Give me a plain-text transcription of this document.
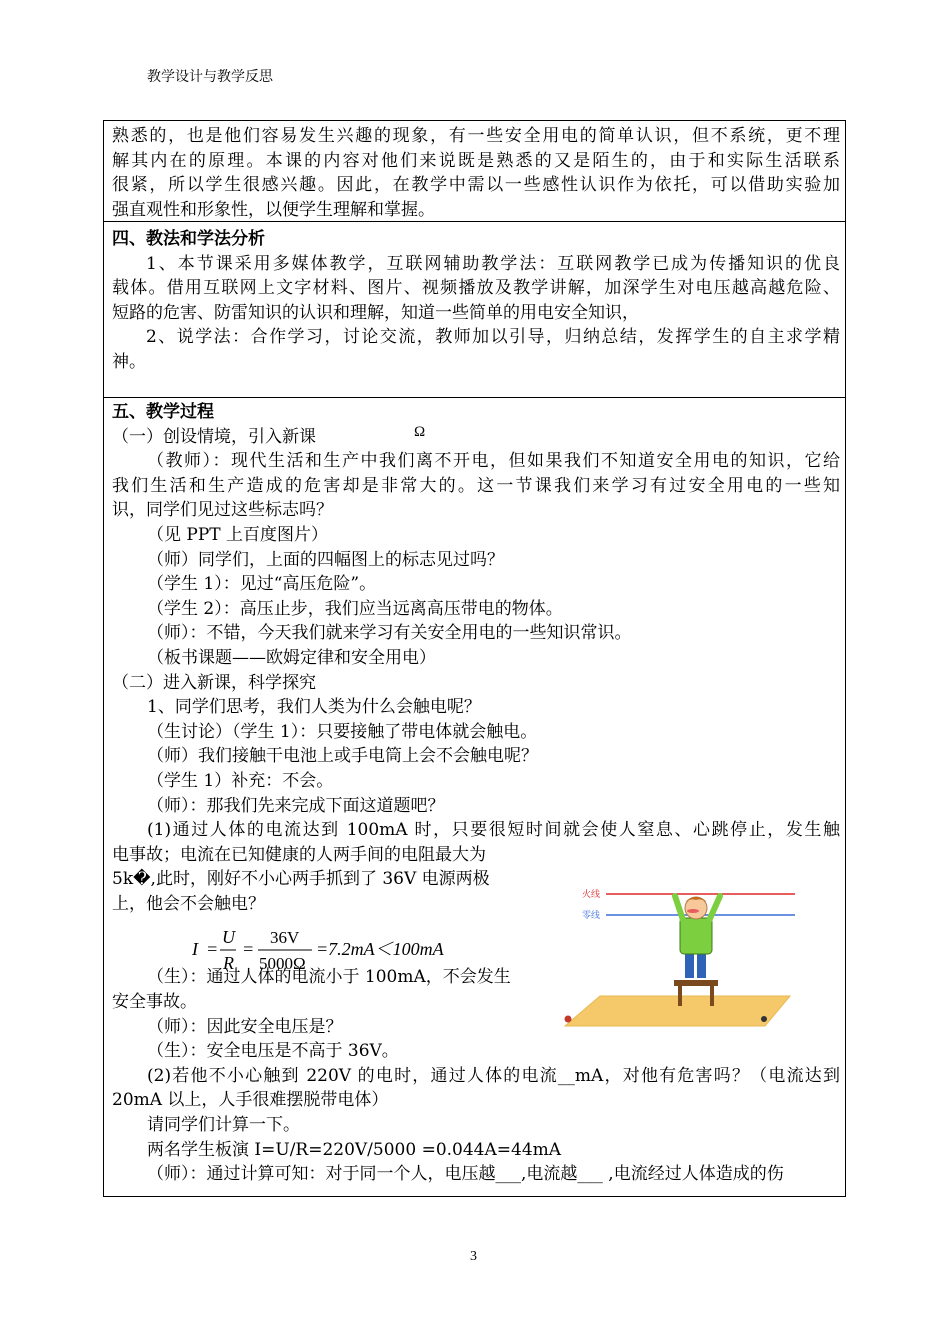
教学设计与教学反思
熟悉的，也是他们容易发生兴趣的现象，有一些安全用电的简单认识，但不系统，更不理
解其内在的原理。本课的内容对他们来说既是熟悉的又是陌生的，由于和实际生活联系
很紧，所以学生很感兴趣。因此，在教学中需以一些感性认识作为依托，可以借助实验加
强直观性和形象性，以便学生理解和掌握。
四、教法和学法分析
1、本节课采用多媒体教学，互联网辅助教学法：互联网教学已成为传播知识的优良
载体。借用互联网上文字材料、图片、视频播放及教学讲解，加深学生对电压越高越危险、
短路的危害、防雷知识的认识和理解，知道一些简单的用电安全知识，
2、说学法：合作学习，讨论交流，教师加以引导，归纳总结，发挥学生的自主求学精
神。
五、教学过程
（一）创设情境，引入新课
（教师）：现代生活和生产中我们离不开电，但如果我们不知道安全用电的知识，它给
我们生活和生产造成的危害却是非常大的。这一节课我们来学习有过安全用电的一些知
识，同学们见过这些标志吗？
（见 PPT 上百度图片）
（师）同学们，上面的四幅图上的标志见过吗？
（学生 1）：见过“高压危险”。
（学生 2）：高压止步，我们应当远离高压带电的物体。
（师）：不错，今天我们就来学习有关安全用电的一些知识常识。
（板书课题——欧姆定律和安全用电）
（二）进入新课，科学探究
1、同学们思考，我们人类为什么会触电呢？
（生讨论）（学生 1）：只要接触了带电体就会触电。
（师）我们接触干电池上或手电筒上会不会触电呢？
（学生 1）补充：不会。
（师）：那我们先来完成下面这道题吧？
(1)通过人体的电流达到 100mA 时，只要很短时间就会使人窒息、心跳停止，发生触
电事故；电流在已知健康的人两手间的电阻最大为
5k�,此时，刚好不小心两手抓到了 36V 电源两极
上，他会不会触电？
（生）：通过人体的电流小于 100mA，不会发生
安全事故。
（师）：因此安全电压是？
（生）：安全电压是不高于 36V。
(2)若他不小心触到 220V 的电时，通过人体的电流__mA，对他有危害吗？（电流达到
20mA 以上，人手很难摆脱带电体）
请同学们计算一下。
两名学生板演 I=U/R=220V/5000 =0.044A=44mA
（师）：通过计算可知：对于同一个人，电压越___,电流越___ ,电流经过人体造成的伤
Ω
I =
U
R
=
36V
5000Ω
=7.2mA＜100mA
火线
零线
3
